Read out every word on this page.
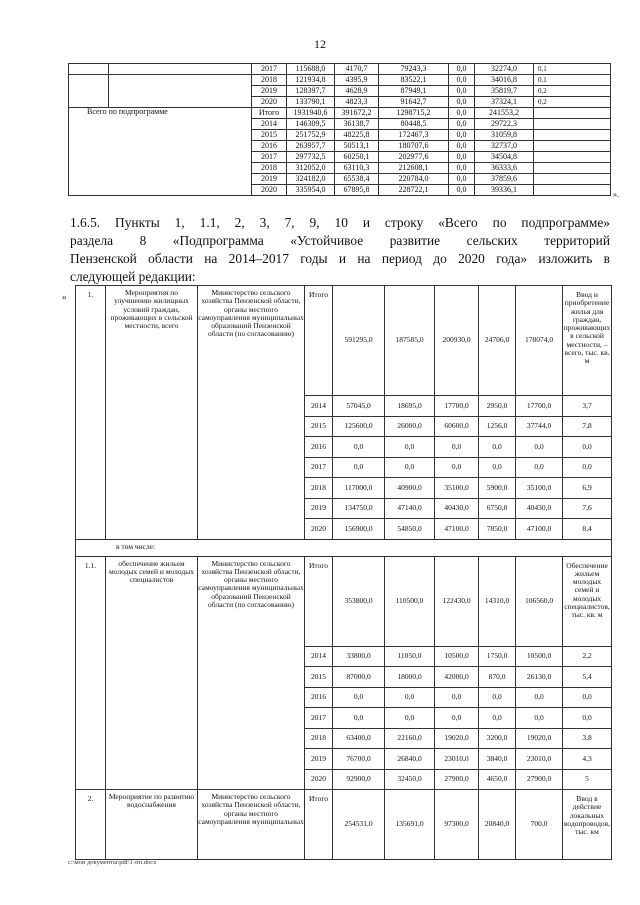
12
		2017	115688,0	4170,7	79243,3	0,0	32274,0	0,1
		2018	121934,8	4395,9	83522,1	0,0	34016,8	0,1
		2019	128397,7	4628,9	87949,1	0,0	35819,7	0,2
		2020	133790,1	4823,3	91642,7	0,0	37324,1	0,2
Всего по подпрограмме		Итого	1931940,6	391672,2	1298715,2	0,0	241553,2	
		2014	146309,5	36138,7	80448,5	0,0	29722,3	
		2015	251752,9	48225,8	172467,3	0,0	31059,8	
		2016	263957,7	50513,1	180707,6	0,0	32737,0	
		2017	297732,5	60250,1	202977,6	0,0	34504,8	
		2018	312052,0	63110,3	212608,1	0,0	36333,6	
		2019	324182,0	65538,4	220784,0	0,0	37859,6	
		2020	335954,0	67895,8	228722,1	0,0	39336,1	
».
1.6.5. Пункты 1, 1.1, 2, 3, 7, 9, 10 и строку «Всего по подпрограмме»
раздела 8 «Подпрограмма «Устойчивое развитие сельских территорий
Пензенской области на 2014–2017 годы и на период до 2020 года» изложить в
следующей редакции:
«	1.	Мероприятия по улучшению жилищных условий граждан, проживающих в сельской местности, всего	Министерство сельского хозяйства Пензенской области, органы местного самоуправления муниципальных образований Пензенской области (по согласованию)	Итого	591295,0	187585,0	200930,0	24706,0	178074,0	Ввод и приобретение жилья для граждан, проживающих в сельской местности, – всего, тыс. кв. м
			2014	57045,0	18695,0	17700,0	2950,0	17700,0	3,7
			2015	125600,0	26000,0	60600,0	1256,0	37744,0	7,8
			2016	0,0	0,0	0,0	0,0	0,0	0,0
			2017	0,0	0,0	0,0	0,0	0,0	0,0
			2018	117000,0	40900,0	35100,0	5900,0	35100,0	6,9
			2019	134750,0	47140,0	40430,0	6750,0	40430,0	7,6
			2020	156900,0	54850,0	47100,0	7850,0	47100,0	8,4
в том числе:									
1.1.	обеспечение жильем молодых семей и молодых специалистов	Министерство сельского хозяйства Пензенской области, органы местного самоуправления муниципальных образований Пензенской области (по согласованию)	Итого	353800,0	110500,0	122430,0	14310,0	106560,0	Обеспечение жильем молодых семей и молодых специалистов, тыс. кв. м
			2014	33800,0	11050,0	10500,0	1750,0	10500,0	2,2
			2015	87000,0	18000,0	42000,0	870,0	26130,0	5,4
			2016	0,0	0,0	0,0	0,0	0,0	0,0
			2017	0,0	0,0	0,0	0,0	0,0	0,0
			2018	63400,0	22160,0	19020,0	3200,0	19020,0	3,8
			2019	76700,0	26840,0	23010,0	3840,0	23010,0	4,3
			2020	92900,0	32450,0	27900,0	4650,0	27900,0	5
2.	Мероприятие по развитию водоснабжения	Министерство сельского хозяйства Пензенской области, органы местного самоуправления муниципальных	Итого	254531,0	135691,0	97300,0	20840,0	700,0	Ввод в действие локальных водопроводов, тыс. км
c:\мои документы\pdf\1-пп.docx
